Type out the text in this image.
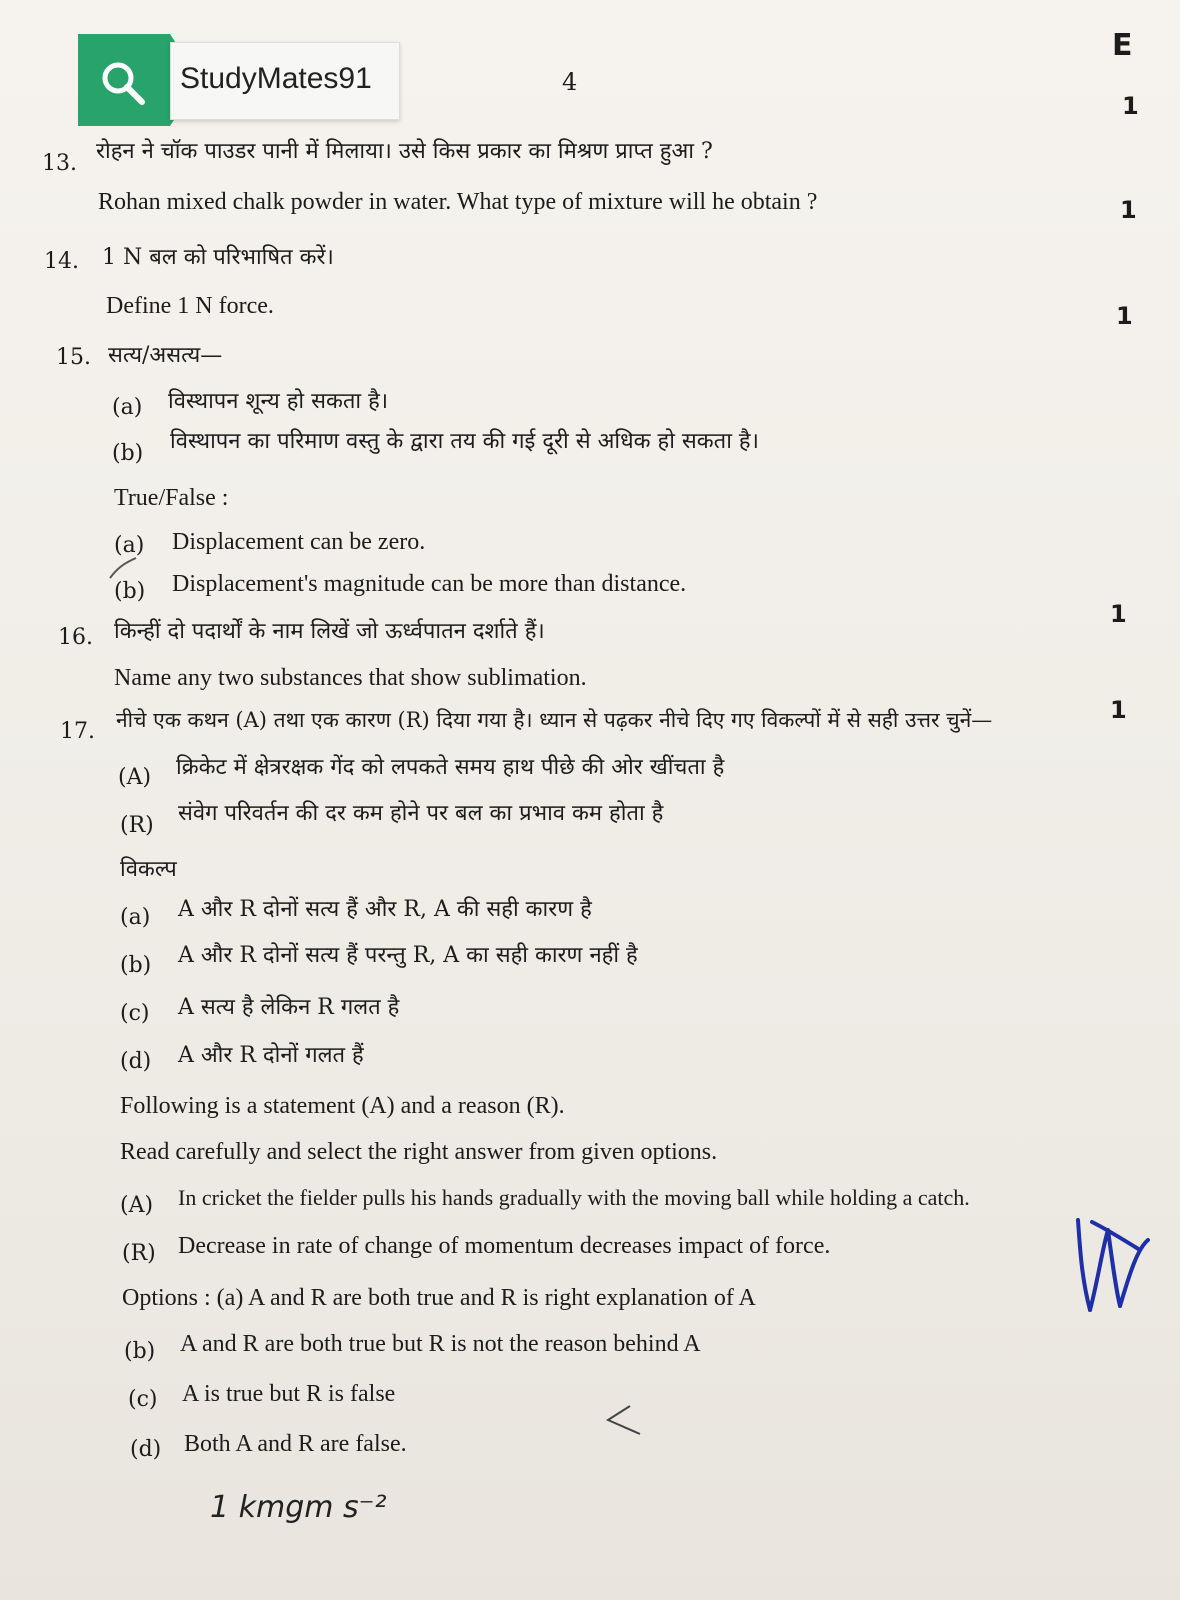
StudyMates91	4
E
13. रोहन ने चॉक पाउडर पानी में मिलाया। उसे किस प्रकार का मिश्रण प्राप्त हुआ ?
Rohan mixed chalk powder in water. What type of mixture will he obtain ?
1
1
14. 1 N बल को परिभाषित करें।
Define 1 N force.	1
15. सत्य/असत्य—
(a) विस्थापन शून्य हो सकता है।
(b) विस्थापन का परिमाण वस्तु के द्वारा तय की गई दूरी से अधिक हो सकता है।
True/False :
(a) Displacement can be zero.
(b) Displacement's magnitude can be more than distance.
1
16. किन्हीं दो पदार्थों के नाम लिखें जो ऊर्ध्वपातन दर्शाते हैं।
Name any two substances that show sublimation.
17. नीचे एक कथन (A) तथा एक कारण (R) दिया गया है। ध्यान से पढ़कर नीचे दिए गए विकल्पों में से सही उत्तर चुनें—	1
(A) क्रिकेट में क्षेत्ररक्षक गेंद को लपकते समय हाथ पीछे की ओर खींचता है
(R) संवेग परिवर्तन की दर कम होने पर बल का प्रभाव कम होता है
विकल्प
(a) A और R दोनों सत्य हैं और R, A की सही कारण है
(b) A और R दोनों सत्य हैं परन्तु R, A का सही कारण नहीं है
(c) A सत्य है लेकिन R गलत है
(d) A और R दोनों गलत हैं
Following is a statement (A) and a reason (R).
Read carefully and select the right answer from given options.
(A) In cricket the fielder pulls his hands gradually with the moving ball while holding a catch.
(R) Decrease in rate of change of momentum decreases impact of force.
Options : (a) A and R are both true and R is right explanation of A
(b) A and R are both true but R is not the reason behind A
(c) A is true but R is false
(d) Both A and R are false.
1 kmgm s⁻²
